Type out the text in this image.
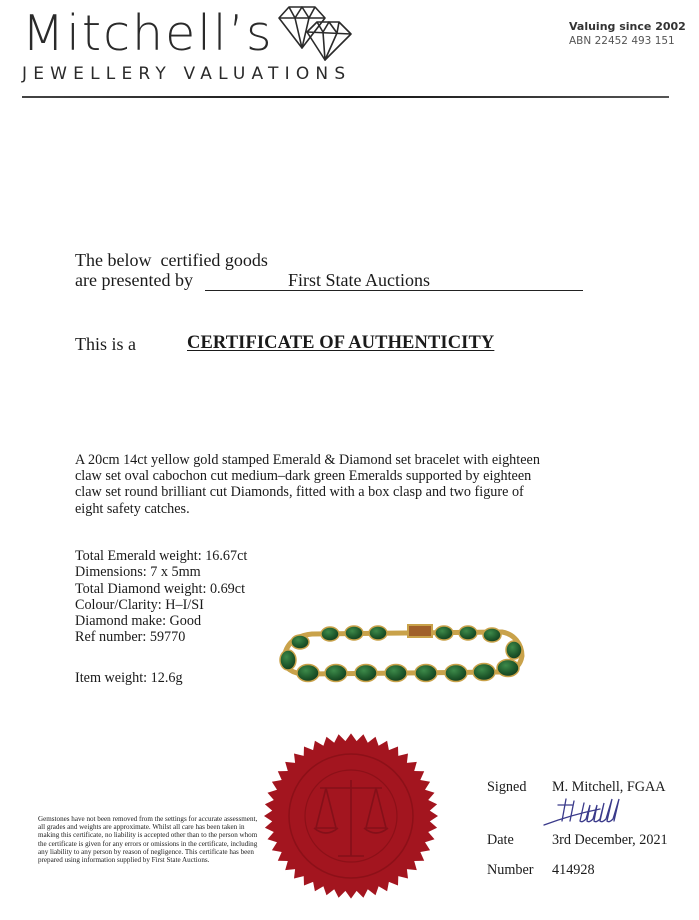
Mitchell’s
JEWELLERY VALUATIONS
Valuing since 2002
ABN 22452 493 151
The below  certified goods
are presented by	First State Auctions
This is a	CERTIFICATE OF AUTHENTICITY
A 20cm 14ct yellow gold stamped Emerald & Diamond set bracelet with eighteen claw set oval cabochon cut medium–dark green Emeralds supported by eighteen claw set round brilliant cut Diamonds, fitted with a box clasp and two figure of eight safety catches.
Total Emerald weight: 16.67ct
Dimensions: 7 x 5mm
Total Diamond weight: 0.69ct
Colour/Clarity: H–I/SI
Diamond make: Good
Ref number: 59770
Item weight: 12.6g
Gemstones have not been removed from the settings for accurate assessment, all grades and weights are approximate. Whilst all care has been taken in making this certificate, no liability is accepted other than to the person whom the certificate is given for any errors or omissions in the certificate, including any liability to any person by reason of negligence. This certificate has been prepared using information supplied by First State Auctions.
Signed M. Mitchell, FGAA
Date	3rd December, 2021
Number 414928
